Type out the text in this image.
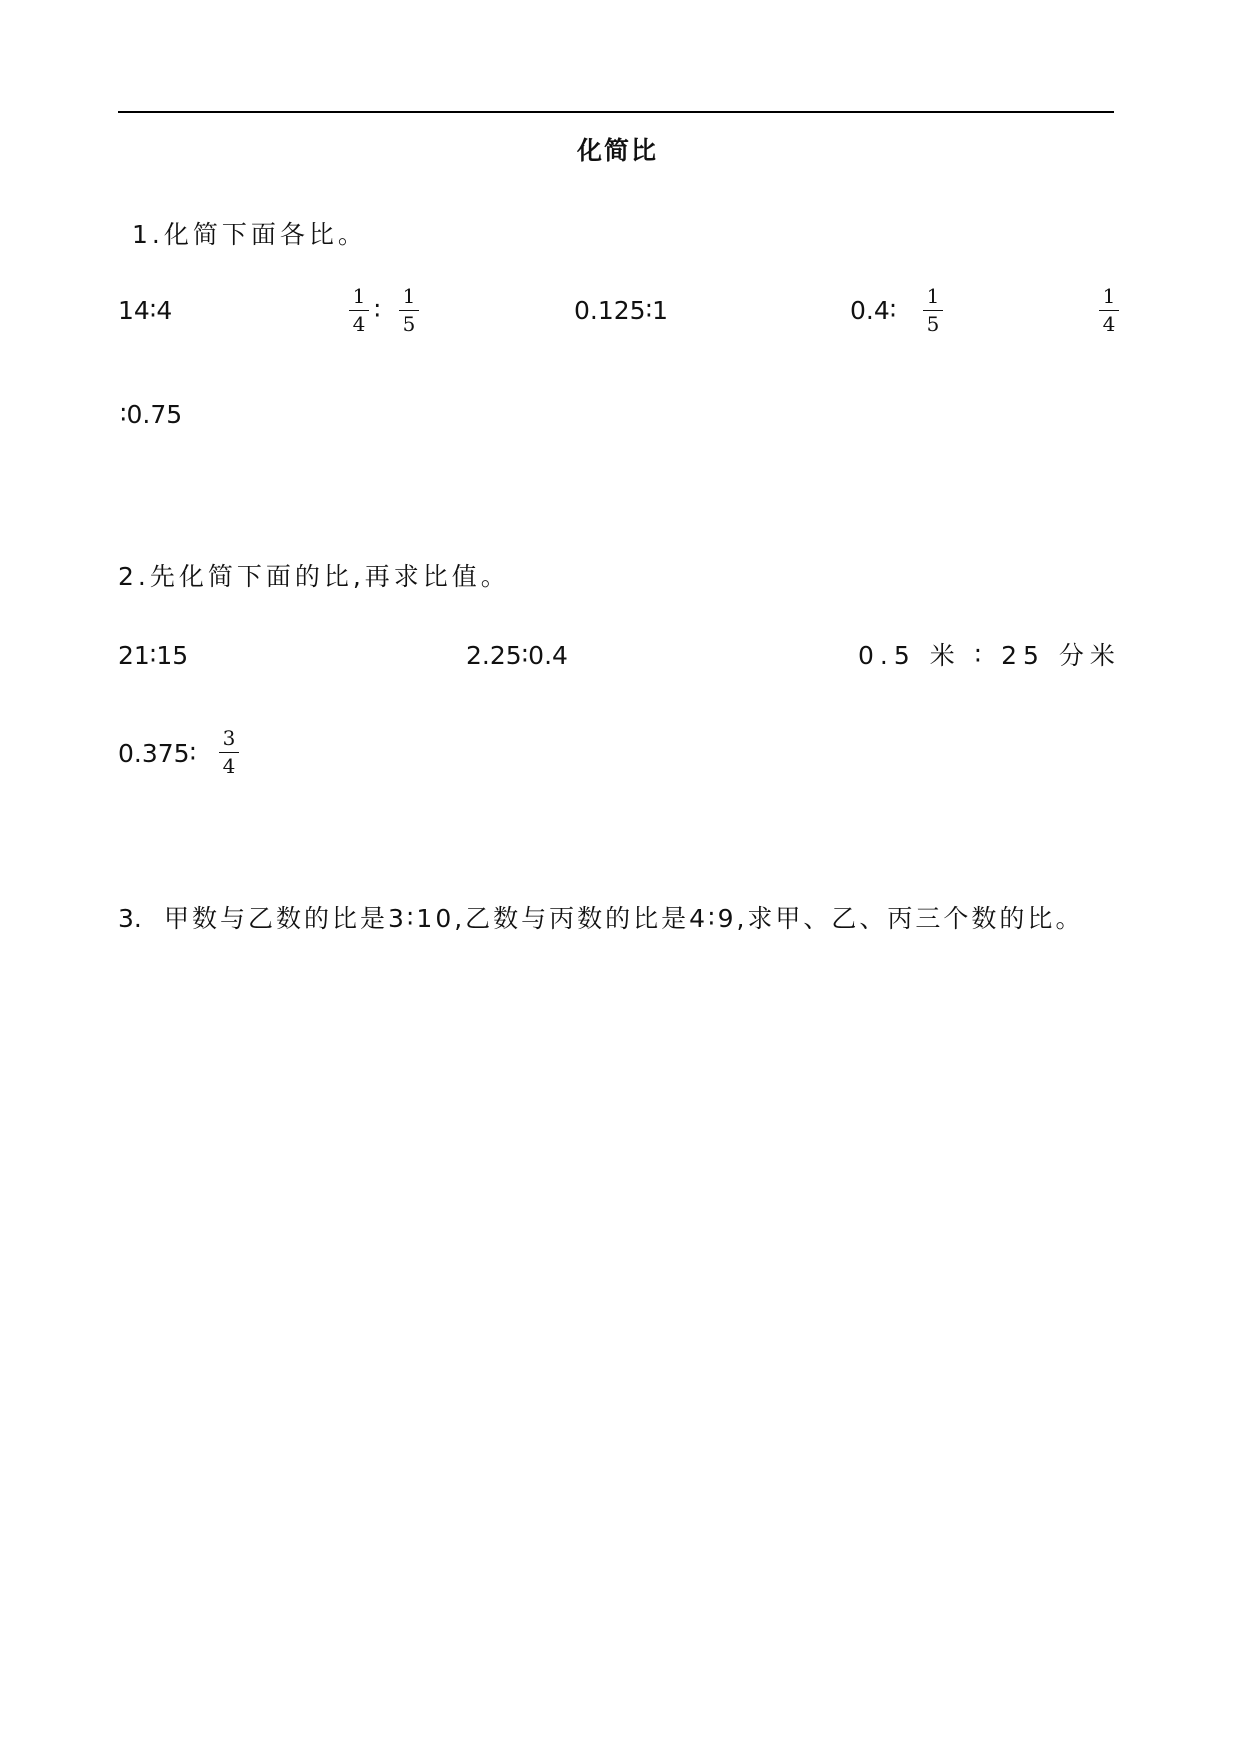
化简比
1.化简下面各比。
14∶4	1
4 ∶ 1
5	0.125∶1	0.4∶ 1
5
1
4
∶0.75
2.先化简下面的比,再求比值。
21∶15	2.25∶0.4	0.5 米 ∶ 25 分米
0.375∶
3
4
3. 甲数与乙数的比是3∶10,乙数与丙数的比是4∶9,求甲、乙、丙三个数的比。
